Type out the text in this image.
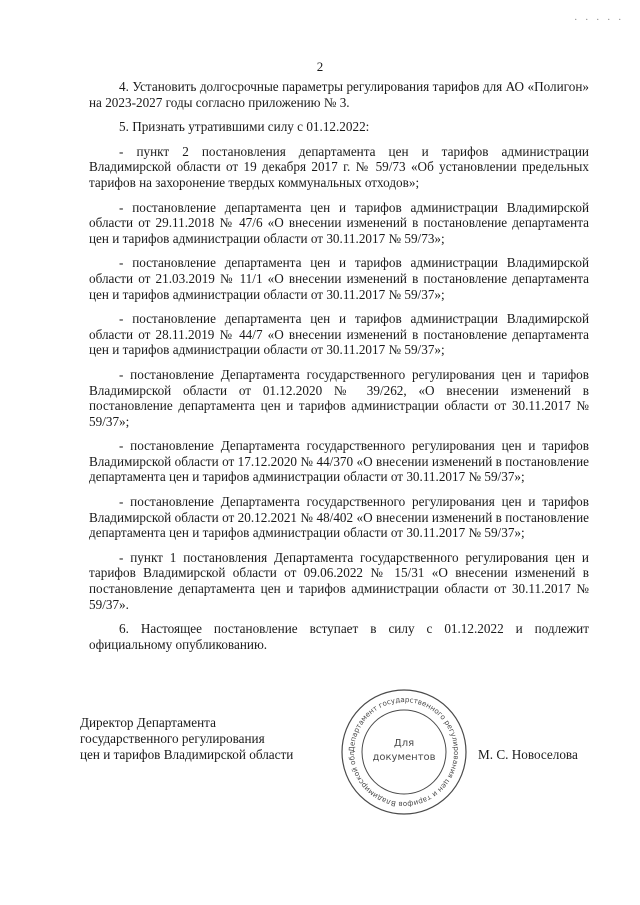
. . . . .
2

4. Установить долгосрочные параметры регулирования тарифов для АО «Полигон» на 2023-2027 годы согласно приложению № 3.

5. Признать утратившими силу с 01.12.2022:

- пункт 2 постановления департамента цен и тарифов администрации Владимирской области от 19 декабря 2017 г. № 59/73 «Об установлении предельных тарифов на захоронение твердых коммунальных отходов»;

- постановление департамента цен и тарифов администрации Владимирской области от 29.11.2018 № 47/6 «О внесении изменений в постановление департамента цен и тарифов администрации области от 30.11.2017 № 59/73»;

- постановление департамента цен и тарифов администрации Владимирской области от 21.03.2019 № 11/1 «О внесении изменений в постановление департамента цен и тарифов администрации области от 30.11.2017 № 59/37»;

- постановление департамента цен и тарифов администрации Владимирской области от 28.11.2019 № 44/7 «О внесении изменений в постановление департамента цен и тарифов администрации области от 30.11.2017 № 59/37»;

- постановление Департамента государственного регулирования цен и тарифов Владимирской области от 01.12.2020 № 39/262, «О внесении изменений в постановление департамента цен и тарифов администрации области от 30.11.2017 № 59/37»;

- постановление Департамента государственного регулирования цен и тарифов Владимирской области от 17.12.2020 № 44/370 «О внесении изменений в постановление департамента цен и тарифов администрации области от 30.11.2017 № 59/37»;

- постановление Департамента государственного регулирования цен и тарифов Владимирской области от 20.12.2021 № 48/402 «О внесении изменений в постановление департамента цен и тарифов администрации области от 30.11.2017 № 59/37»;

- пункт 1 постановления Департамента государственного регулирования цен и тарифов Владимирской области от 09.06.2022 № 15/31 «О внесении изменений в постановление департамента цен и тарифов администрации области от 30.11.2017 № 59/37».

6. Настоящее постановление вступает в силу с 01.12.2022 и подлежит официальному опубликованию.

Директор Департамента
государственного регулирования
цен и тарифов Владимирской области	Департамент государственного регулирования цен и тарифов Владимирской обл
Для
документов	М. С. Новоселова
